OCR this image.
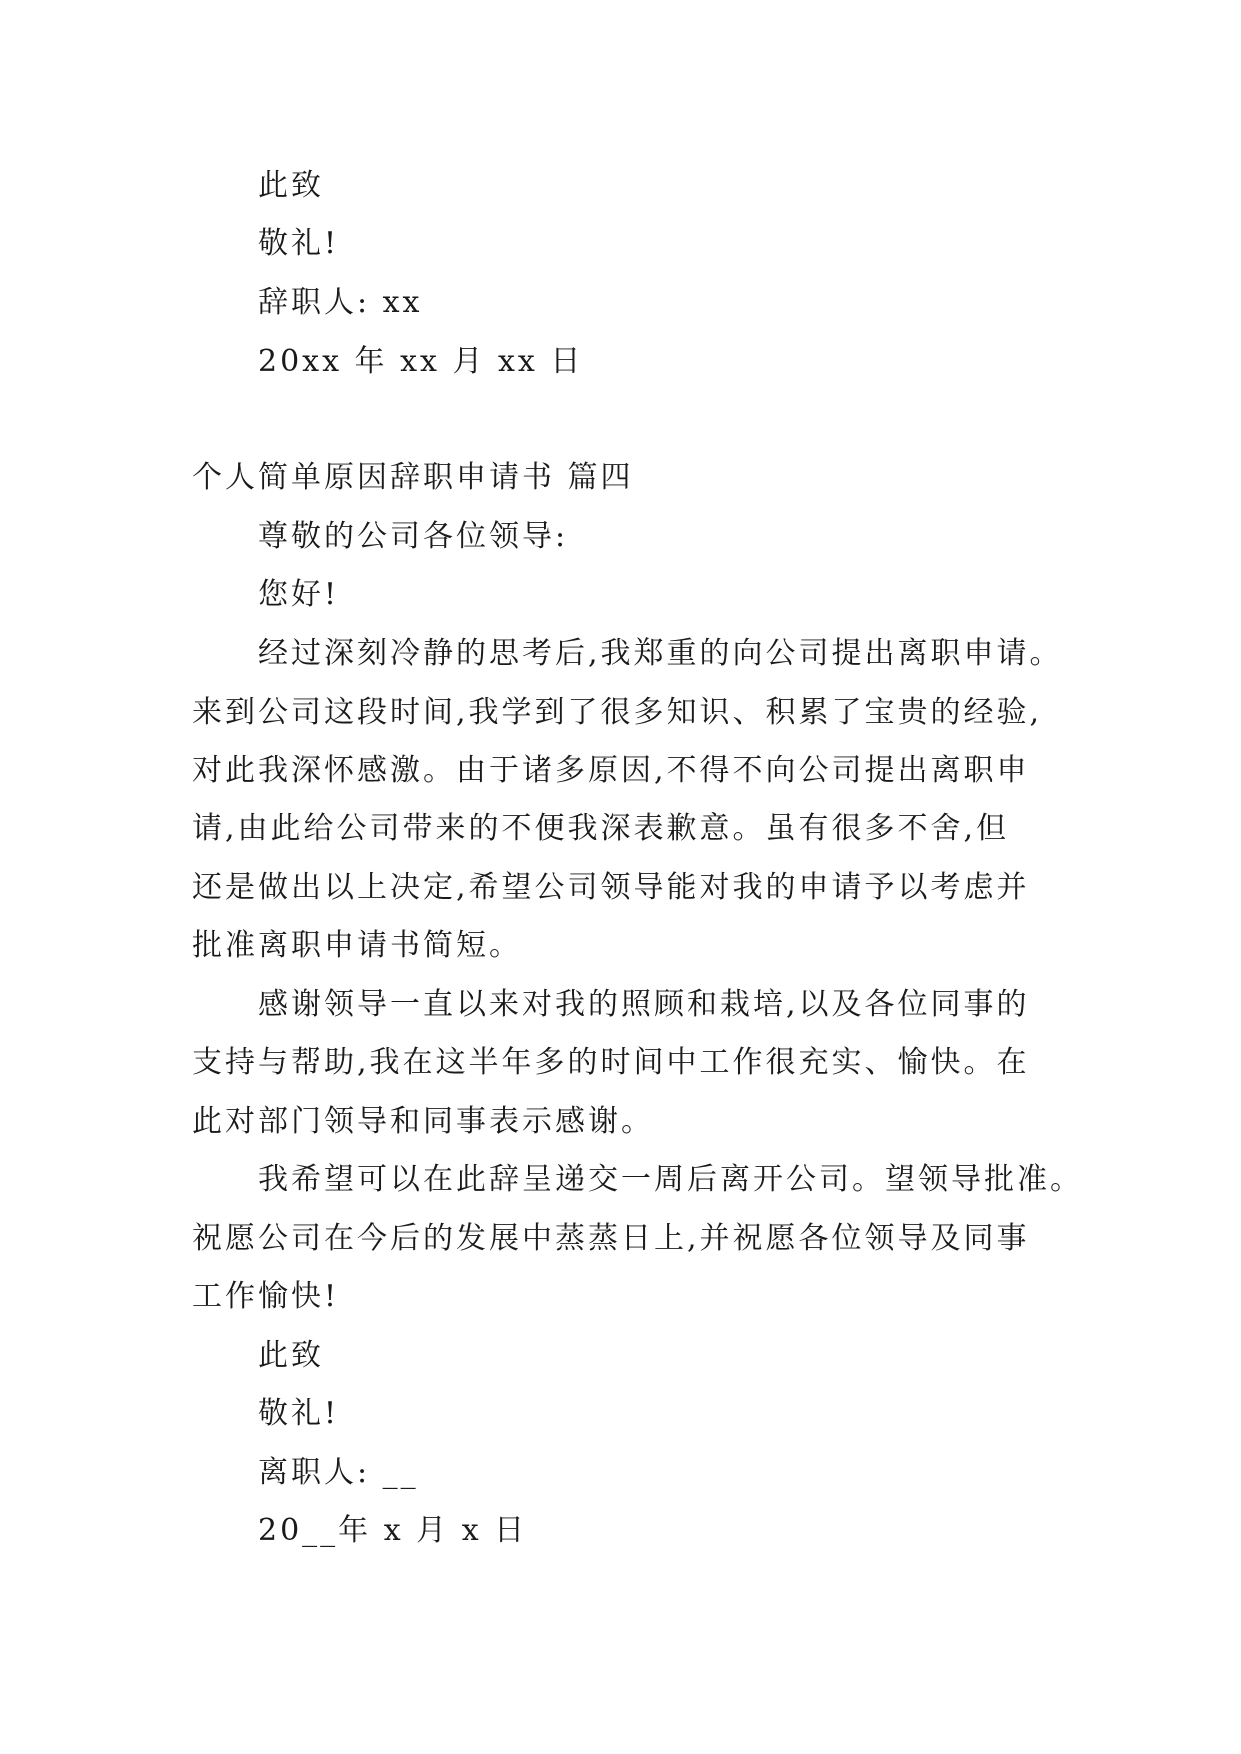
此致
敬礼!
辞职人: xx
20xx 年 xx 月 xx 日
个人简单原因辞职申请书 篇四
尊敬的公司各位领导:
您好!
经过深刻冷静的思考后,我郑重的向公司提出离职申请。
来到公司这段时间,我学到了很多知识、积累了宝贵的经验,
对此我深怀感激。由于诸多原因,不得不向公司提出离职申
请,由此给公司带来的不便我深表歉意。虽有很多不舍,但
还是做出以上决定,希望公司领导能对我的申请予以考虑并
批准离职申请书简短。
感谢领导一直以来对我的照顾和栽培,以及各位同事的
支持与帮助,我在这半年多的时间中工作很充实、愉快。在
此对部门领导和同事表示感谢。
我希望可以在此辞呈递交一周后离开公司。望领导批准。
祝愿公司在今后的发展中蒸蒸日上,并祝愿各位领导及同事
工作愉快!
此致
敬礼!
离职人: __
20__年 x 月 x 日
